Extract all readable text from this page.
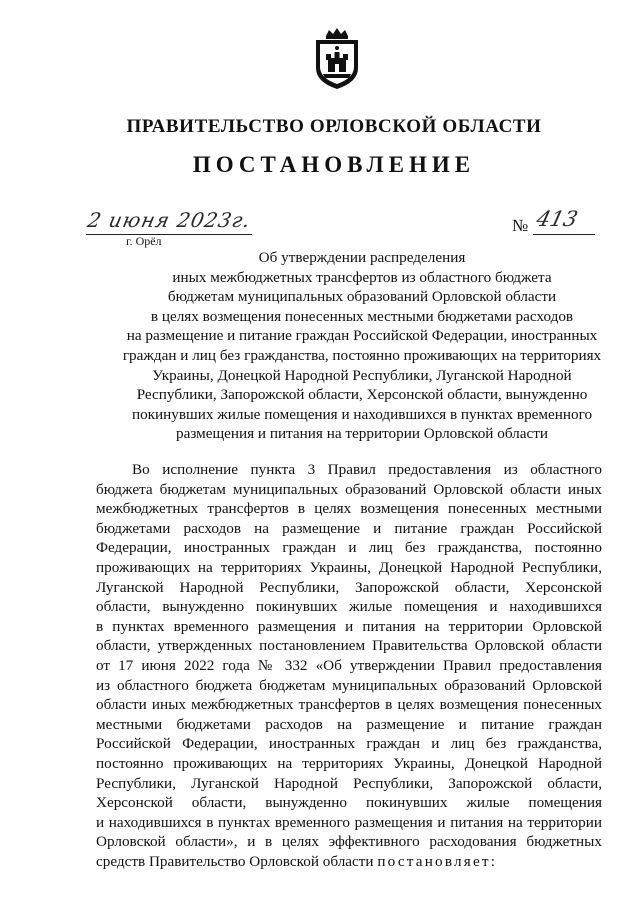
ПРАВИТЕЛЬСТВО ОРЛОВСКОЙ ОБЛАСТИ
ПОСТАНОВЛЕНИЕ
2 июня 2023г.
г. Орёл
№ 413
Об утверждении распределения
иных межбюджетных трансфертов из областного бюджета
бюджетам муниципальных образований Орловской области
в целях возмещения понесенных местными бюджетами расходов
на размещение и питание граждан Российской Федерации, иностранных
граждан и лиц без гражданства, постоянно проживающих на территориях
Украины, Донецкой Народной Республики, Луганской Народной
Республики, Запорожской области, Херсонской области, вынужденно
покинувших жилые помещения и находившихся в пунктах временного
размещения и питания на территории Орловской области
Во исполнение пункта 3 Правил предоставления из областного
бюджета бюджетам муниципальных образований Орловской области иных
межбюджетных трансфертов в целях возмещения понесенных местными
бюджетами расходов на размещение и питание граждан Российской
Федерации, иностранных граждан и лиц без гражданства, постоянно
проживающих на территориях Украины, Донецкой Народной Республики,
Луганской Народной Республики, Запорожской области, Херсонской
области, вынужденно покинувших жилые помещения и находившихся
в пунктах временного размещения и питания на территории Орловской
области, утвержденных постановлением Правительства Орловской области
от 17 июня 2022 года № 332 «Об утверждении Правил предоставления
из областного бюджета бюджетам муниципальных образований Орловской
области иных межбюджетных трансфертов в целях возмещения понесенных
местными бюджетами расходов на размещение и питание граждан
Российской Федерации, иностранных граждан и лиц без гражданства,
постоянно проживающих на территориях Украины, Донецкой Народной
Республики, Луганской Народной Республики, Запорожской области,
Херсонской области, вынужденно покинувших жилые помещения
и находившихся в пунктах временного размещения и питания на территории
Орловской области», и в целях эффективного расходования бюджетных
средств Правительство Орловской области постановляет:
